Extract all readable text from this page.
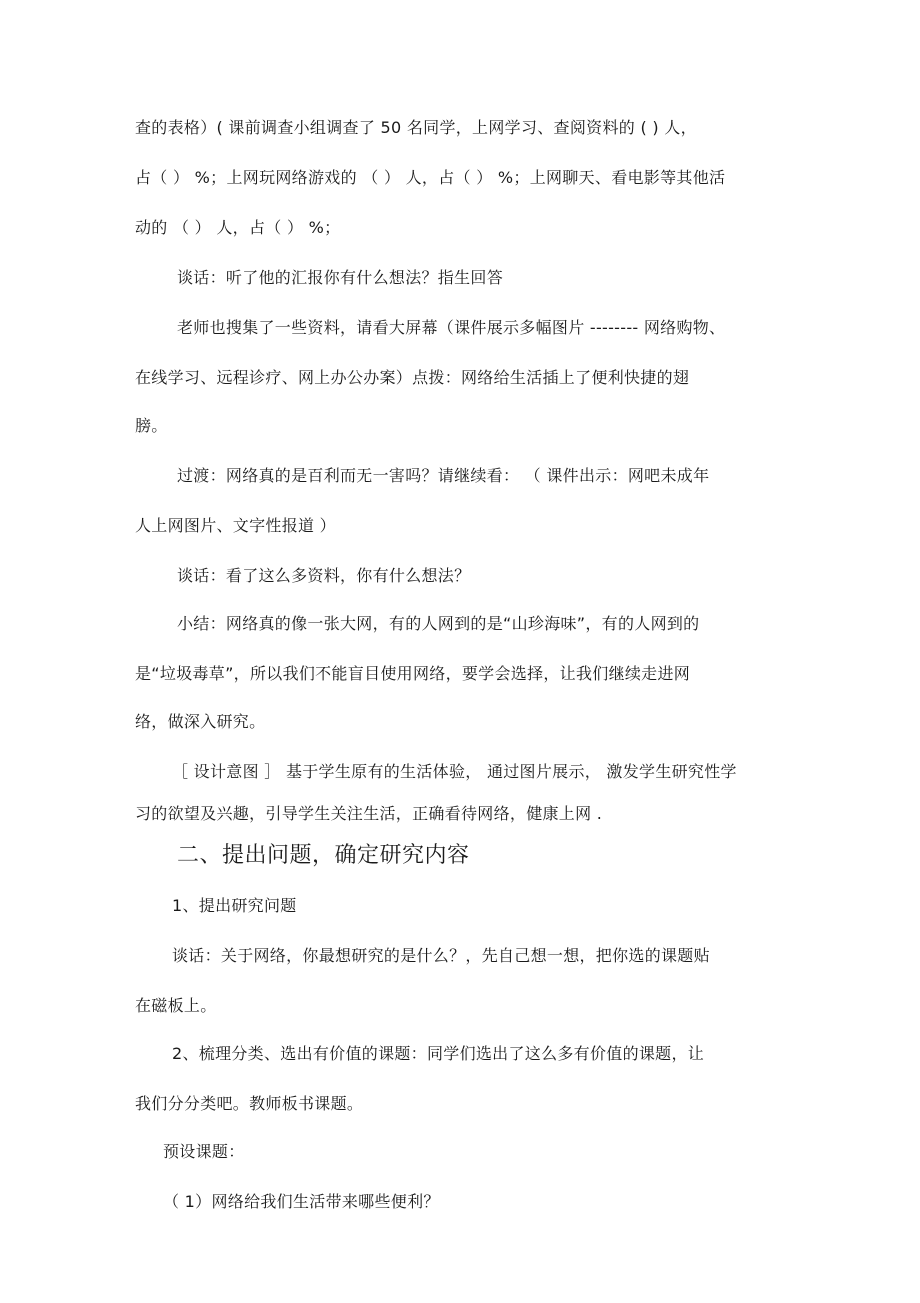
查的表格）( 课前调查小组调查了 50 名同学，上网学习、查阅资料的 ( ) 人，
占（ ） %；上网玩网络游戏的 （ ） 人，占（ ） %；上网聊天、看电影等其他活
动的 （ ） 人，占（ ） %；
谈话：听了他的汇报你有什么想法？指生回答
老师也搜集了一些资料，请看大屏幕（课件展示多幅图片 -------- 网络购物、
在线学习、远程诊疗、网上办公办案）点拨：网络给生活插上了便利快捷的翅
膀。
过渡：网络真的是百利而无一害吗？请继续看： （ 课件出示：网吧未成年
人上网图片、文字性报道 ）
谈话：看了这么多资料，你有什么想法？
小结：网络真的像一张大网，有的人网到的是“山珍海味”，有的人网到的
是“垃圾毒草”，所以我们不能盲目使用网络，要学会选择，让我们继续走进网
络，做深入研究。
［ 设计意图 ］ 基于学生原有的生活体验， 通过图片展示， 激发学生研究性学
习的欲望及兴趣，引导学生关注生活，正确看待网络，健康上网 .
二、提出问题，确定研究内容
1、提出研究问题
谈话：关于网络，你最想研究的是什么？，先自己想一想，把你选的课题贴
在磁板上。
2、梳理分类、选出有价值的课题：同学们选出了这么多有价值的课题，让
我们分分类吧。教师板书课题。
预设课题：
（ 1）网络给我们生活带来哪些便利？
